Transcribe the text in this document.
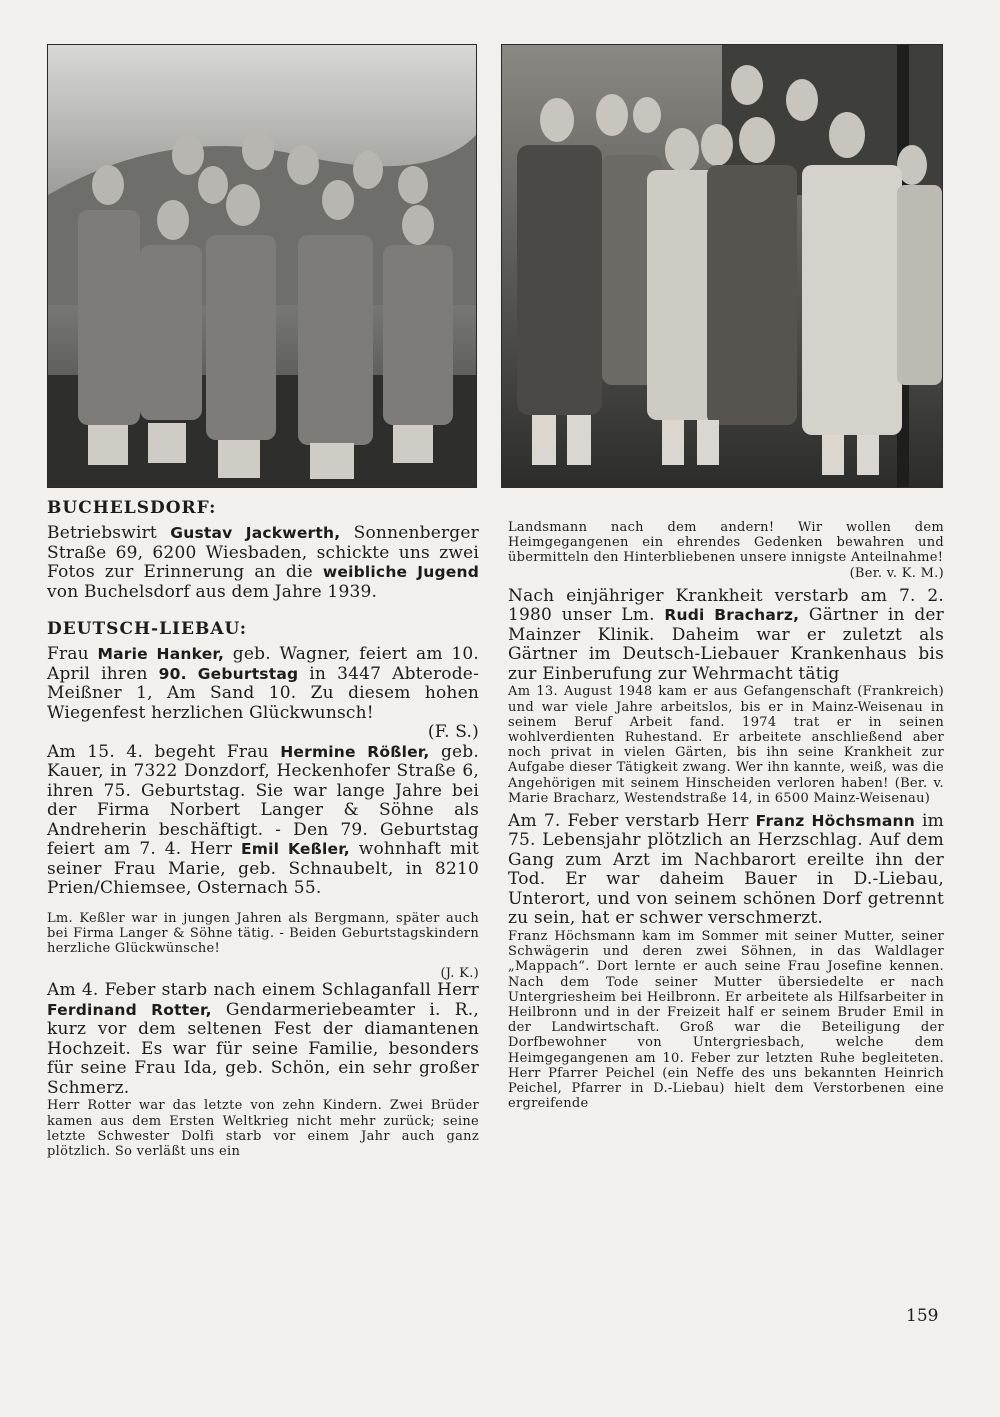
BUCHELSDORF:

Betriebswirt Gustav Jackwerth, Sonnenberger Straße 69, 6200 Wiesbaden, schickte uns zwei Fotos zur Erinnerung an die weibliche Jugend von Buchelsdorf aus dem Jahre 1939.

DEUTSCH-LIEBAU:

Frau Marie Hanker, geb. Wagner, feiert am 10. April ihren 90. Geburtstag in 3447 Abterode-Meißner 1, Am Sand 10. Zu diesem hohen Wiegenfest herzlichen Glückwunsch!
(F. S.)

Am 15. 4. begeht Frau Hermine Rößler, geb. Kauer, in 7322 Donzdorf, Heckenhofer Straße 6, ihren 75. Geburtstag. Sie war lange Jahre bei der Firma Norbert Langer & Söhne als Andreherin beschäftigt. - Den 79. Geburtstag feiert am 7. 4. Herr Emil Keßler, wohnhaft mit seiner Frau Marie, geb. Schnaubelt, in 8210 Prien/Chiemsee, Osternach 55.

Lm. Keßler war in jungen Jahren als Bergmann, später auch bei Firma Langer & Söhne tätig. - Beiden Geburtstagskindern herzliche Glückwünsche!
(J. K.)

Am 4. Feber starb nach einem Schlaganfall Herr Ferdinand Rotter, Gendarmeriebeamter i. R., kurz vor dem seltenen Fest der diamantenen Hochzeit. Es war für seine Familie, besonders für seine Frau Ida, geb. Schön, ein sehr großer Schmerz.

Herr Rotter war das letzte von zehn Kindern. Zwei Brüder kamen aus dem Ersten Weltkrieg nicht mehr zurück; seine letzte Schwester Dolfi starb vor einem Jahr auch ganz plötzlich. So verläßt uns ein

Landsmann nach dem andern! Wir wollen dem Heimgegangenen ein ehrendes Gedenken bewahren und übermitteln den Hinterbliebenen unsere innigste Anteilnahme!
(Ber. v. K. M.)

Nach einjähriger Krankheit verstarb am 7. 2. 1980 unser Lm. Rudi Bracharz, Gärtner in der Mainzer Klinik. Daheim war er zuletzt als Gärtner im Deutsch-Liebauer Krankenhaus bis zur Einberufung zur Wehrmacht tätig

Am 13. August 1948 kam er aus Gefangenschaft (Frankreich) und war viele Jahre arbeitslos, bis er in Mainz-Weisenau in seinem Beruf Arbeit fand. 1974 trat er in seinen wohlverdienten Ruhestand. Er arbeitete anschließend aber noch privat in vielen Gärten, bis ihn seine Krankheit zur Aufgabe dieser Tätigkeit zwang. Wer ihn kannte, weiß, was die Angehörigen mit seinem Hinscheiden verloren haben! (Ber. v. Marie Bracharz, Westendstraße 14, in 6500 Mainz-Weisenau)

Am 7. Feber verstarb Herr Franz Höchsmann im 75. Lebensjahr plötzlich an Herzschlag. Auf dem Gang zum Arzt im Nachbarort ereilte ihn der Tod. Er war daheim Bauer in D.-Liebau, Unterort, und von seinem schönen Dorf getrennt zu sein, hat er schwer verschmerzt.

Franz Höchsmann kam im Sommer mit seiner Mutter, seiner Schwägerin und deren zwei Söhnen, in das Waldlager „Mappach“. Dort lernte er auch seine Frau Josefine kennen. Nach dem Tode seiner Mutter übersiedelte er nach Untergriesheim bei Heilbronn. Er arbeitete als Hilfsarbeiter in Heilbronn und in der Freizeit half er seinem Bruder Emil in der Landwirtschaft. Groß war die Beteiligung der Dorfbewohner von Untergriesbach, welche dem Heimgegangenen am 10. Feber zur letzten Ruhe begleiteten. Herr Pfarrer Peichel (ein Neffe des uns bekannten Heinrich Peichel, Pfarrer in D.-Liebau) hielt dem Verstorbenen eine ergreifende

159
